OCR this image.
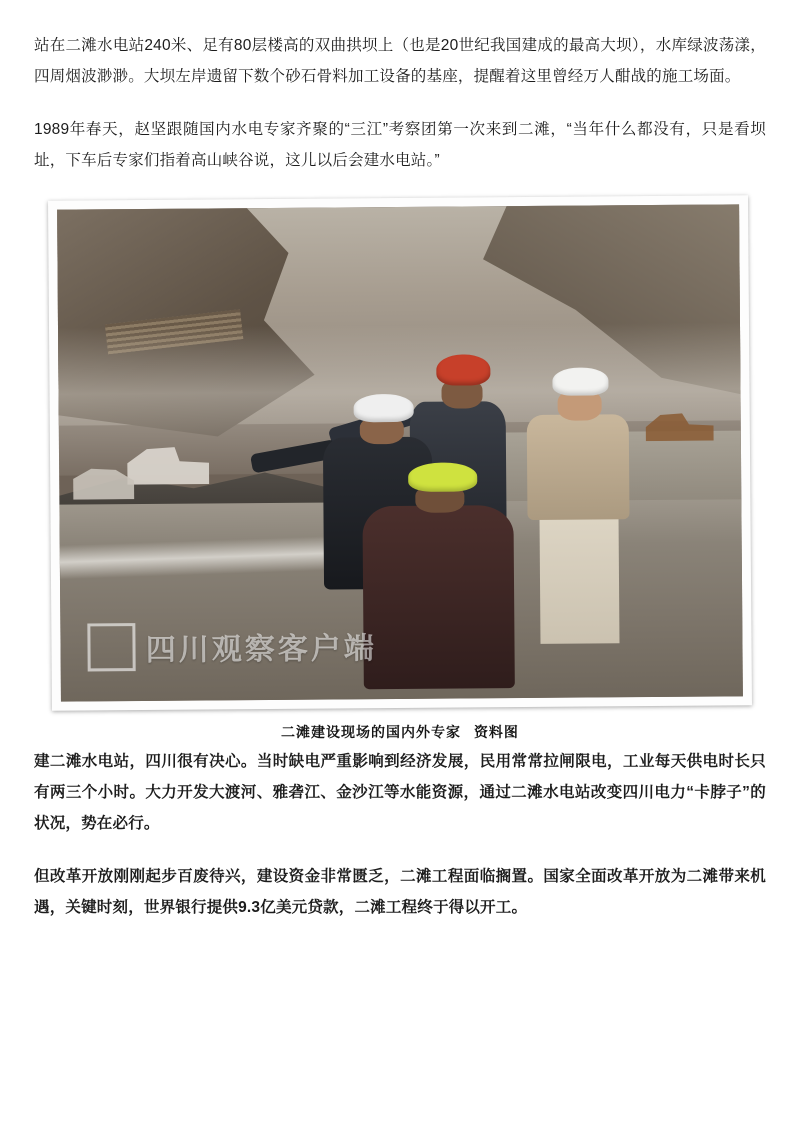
站在二滩水电站240米、足有80层楼高的双曲拱坝上（也是20世纪我国建成的最高大坝），水库绿波荡漾，四周烟波渺渺。大坝左岸遗留下数个砂石骨料加工设备的基座，提醒着这里曾经万人酣战的施工场面。

1989年春天，赵坚跟随国内水电专家齐聚的“三江”考察团第一次来到二滩，“当年什么都没有，只是看坝址，下车后专家们指着高山峡谷说，这儿以后会建水电站。”

四川观察客户端
二滩建设现场的国内外专家 资料图

建二滩水电站，四川很有决心。当时缺电严重影响到经济发展，民用常常拉闸限电，工业每天供电时长只有两三个小时。大力开发大渡河、雅砻江、金沙江等水能资源，通过二滩水电站改变四川电力“卡脖子”的状况，势在必行。

但改革开放刚刚起步百废待兴，建设资金非常匮乏，二滩工程面临搁置。国家全面改革开放为二滩带来机遇，关键时刻，世界银行提供9.3亿美元贷款，二滩工程终于得以开工。
